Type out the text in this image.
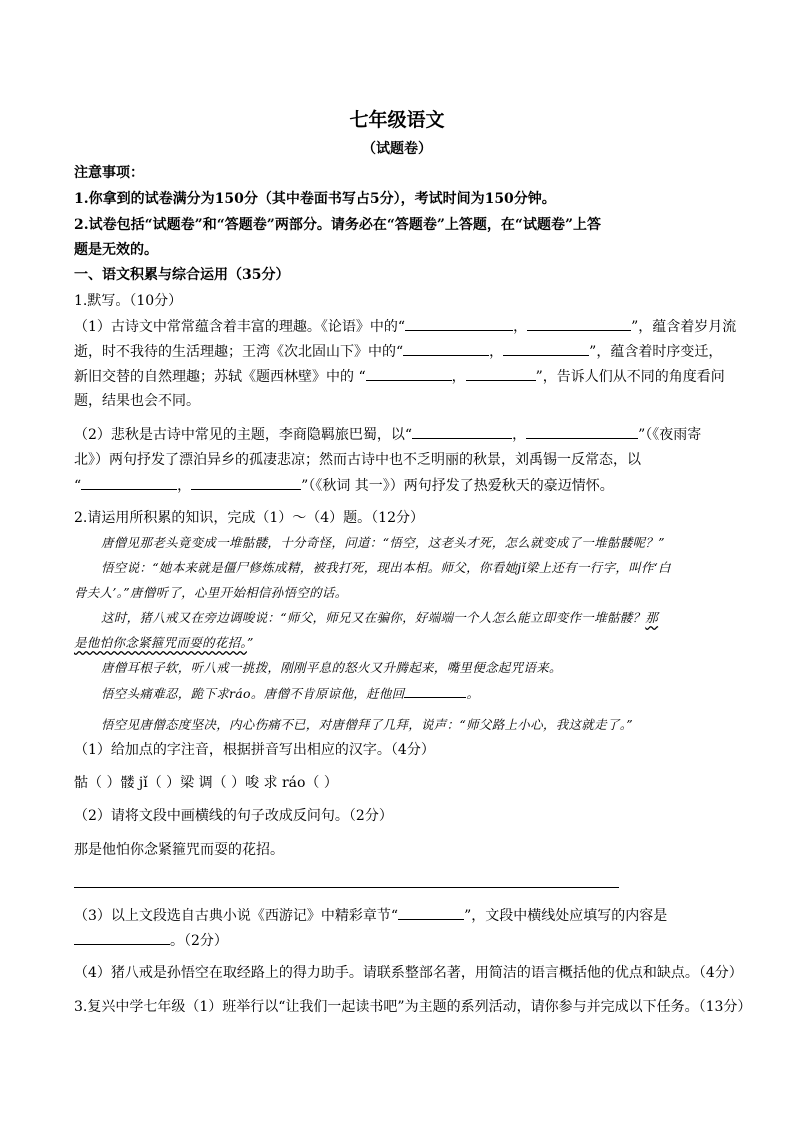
七年级语文
（试题卷）
注意事项：
1.你拿到的试卷满分为150分（其中卷面书写占5分），考试时间为150分钟。
2.试卷包括“试题卷”和“答题卷”两部分。请务必在“答题卷”上答题，在“试题卷”上答
题是无效的。
一、语文积累与综合运用（35分）
1.默写。（10分）
（1）古诗文中常常蕴含着丰富的理趣。《论语》中的“	，	”，蕴含着岁月流
逝，时不我待的生活理趣；王湾《次北固山下》中的“	，	”，蕴含着时序变迁，
新旧交替的自然理趣；苏轼《题西林壁》中的 “	，	”，告诉人们从不同的角度看问
题，结果也会不同。
（2）悲秋是古诗中常见的主题，李商隐羁旅巴蜀，以“	，	”（《夜雨寄
北》）两句抒发了漂泊异乡的孤凄悲凉；然而古诗中也不乏明丽的秋景，刘禹锡一反常态，以
“	，	”（《秋词 其一》）两句抒发了热爱秋天的豪迈情怀。
2.请运用所积累的知识，完成（1）～（4）题。（12分）
唐僧见那老头竟变成一堆骷髅，十分奇怪，问道：“悟空，这老头才死，怎么就变成了一堆骷髅呢？”
悟空说：“她本来就是僵尸修炼成精，被我打死，现出本相。师父，你看她jǐ梁上还有一行字，叫作‘白
骨夫人’。”唐僧听了，心里开始相信孙悟空的话。
这时，猪八戒又在旁边调唆说：“师父，师兄又在骗你，好端端一个人怎么能立即变作一堆骷髅？那
是他怕你念紧箍咒而耍的花招。”
唐僧耳根子软，听八戒一挑拨，刚刚平息的怒火又升腾起来，嘴里便念起咒语来。
悟空头痛难忍，跪下求ráo。唐僧不肯原谅他，赶他回	。
悟空见唐僧态度坚决，内心伤痛不已，对唐僧拜了几拜，说声：“师父路上小心，我这就走了。”
（1）给加点的字注音，根据拼音写出相应的汉字。（4分）
骷（ ）髅 jǐ（ ）梁 调（ ）唆 求 ráo（ ）
（2）请将文段中画横线的句子改成反问句。（2分）
那是他怕你念紧箍咒而耍的花招。
（3）以上文段选自古典小说《西游记》中精彩章节“	”，文段中横线处应填写的内容是
。（2分）
（4）猪八戒是孙悟空在取经路上的得力助手。请联系整部名著，用简洁的语言概括他的优点和缺点。（4分）
3.复兴中学七年级（1）班举行以“让我们一起读书吧”为主题的系列活动，请你参与并完成以下任务。（13分）
